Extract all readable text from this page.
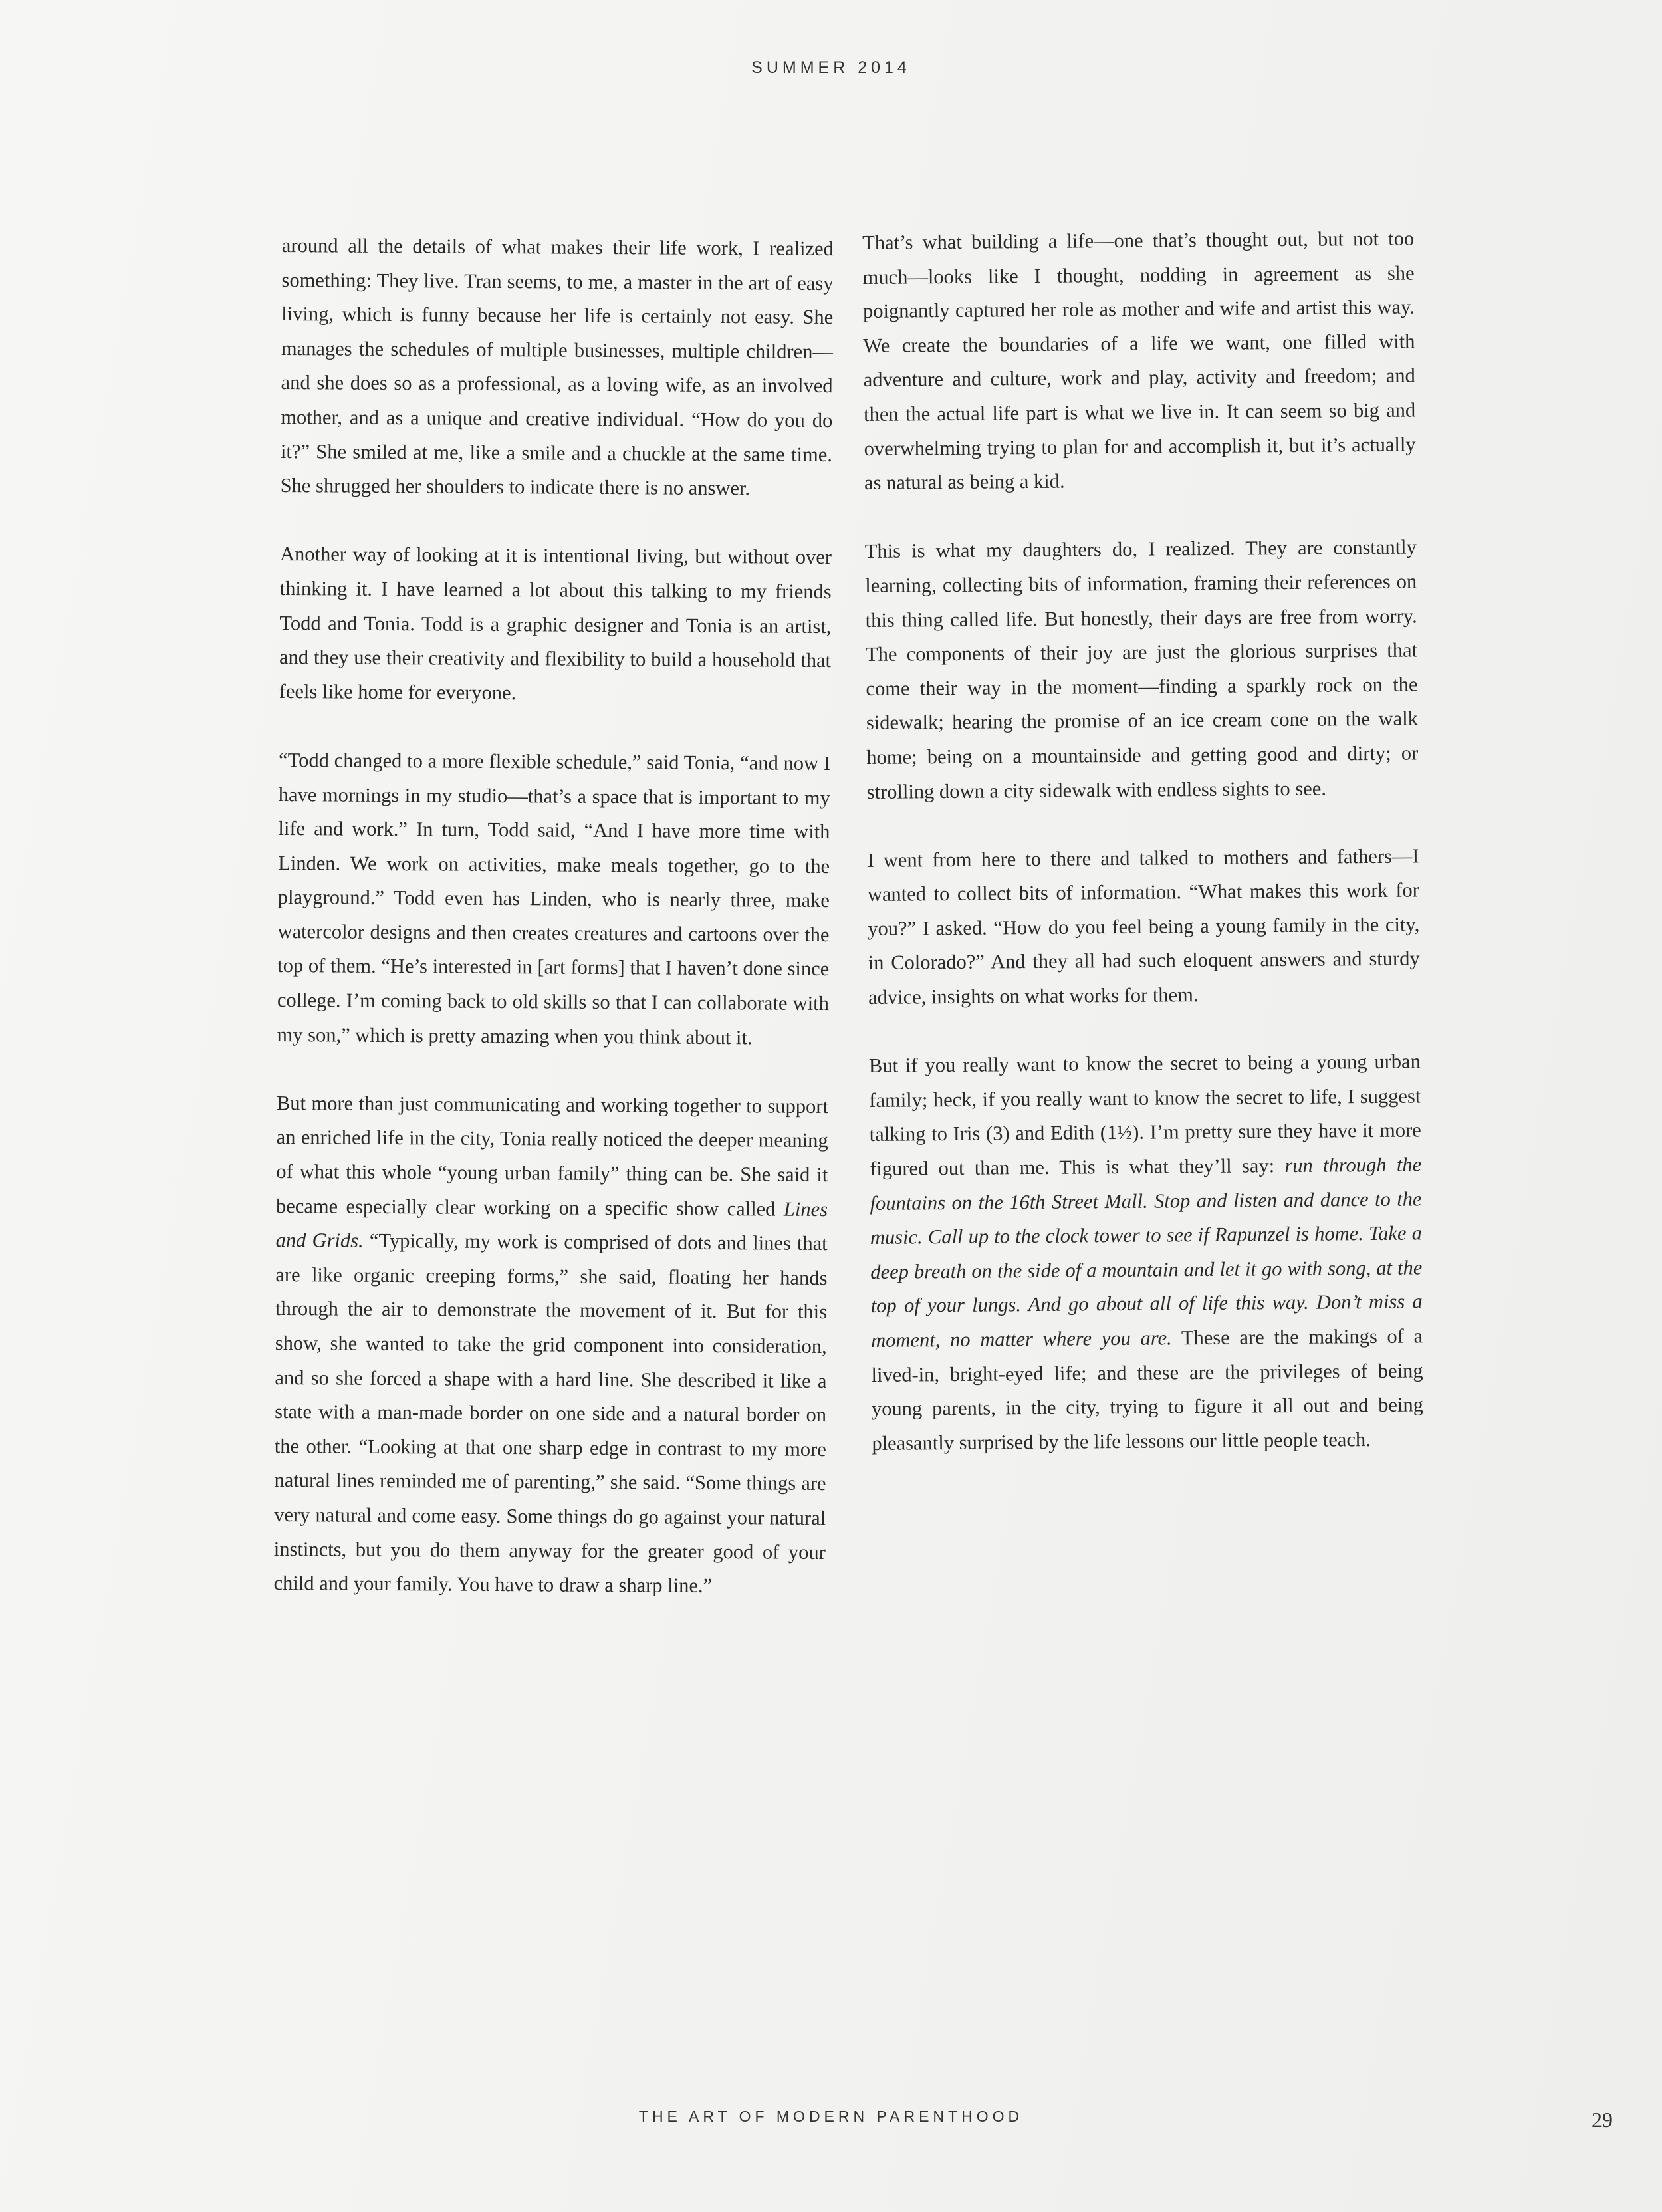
SUMMER 2014

around all the details of what makes their life work, I realized something: They live. Tran seems, to me, a master in the art of easy living, which is funny because her life is certainly not easy. She manages the schedules of multiple businesses, multiple children—and she does so as a professional, as a loving wife, as an involved mother, and as a unique and creative individual. “How do you do it?” She smiled at me, like a smile and a chuckle at the same time. She shrugged her shoulders to indicate there is no answer.

Another way of looking at it is intentional living, but without over thinking it. I have learned a lot about this talking to my friends Todd and Tonia. Todd is a graphic designer and Tonia is an artist, and they use their creativity and flexibility to build a household that feels like home for everyone.

“Todd changed to a more flexible schedule,” said Tonia, “and now I have mornings in my studio—that’s a space that is important to my life and work.” In turn, Todd said, “And I have more time with Linden. We work on activities, make meals together, go to the playground.” Todd even has Linden, who is nearly three, make watercolor designs and then creates creatures and cartoons over the top of them. “He’s interested in [art forms] that I haven’t done since college. I’m coming back to old skills so that I can collaborate with my son,” which is pretty amazing when you think about it.

But more than just communicating and working together to support an enriched life in the city, Tonia really noticed the deeper meaning of what this whole “young urban family” thing can be. She said it became especially clear working on a specific show called Lines and Grids. “Typically, my work is comprised of dots and lines that are like organic creeping forms,” she said, floating her hands through the air to demonstrate the movement of it. But for this show, she wanted to take the grid component into consideration, and so she forced a shape with a hard line. She described it like a state with a man-made border on one side and a natural border on the other. “Looking at that one sharp edge in contrast to my more natural lines reminded me of parenting,” she said. “Some things are very natural and come easy. Some things do go against your natural instincts, but you do them anyway for the greater good of your child and your family. You have to draw a sharp line.”

That’s what building a life—one that’s thought out, but not too much—looks like I thought, nodding in agreement as she poignantly captured her role as mother and wife and artist this way. We create the boundaries of a life we want, one filled with adventure and culture, work and play, activity and freedom; and then the actual life part is what we live in. It can seem so big and overwhelming trying to plan for and accomplish it, but it’s actually as natural as being a kid.

This is what my daughters do, I realized. They are constantly learning, collecting bits of information, framing their references on this thing called life. But honestly, their days are free from worry. The components of their joy are just the glorious surprises that come their way in the moment—finding a sparkly rock on the sidewalk; hearing the promise of an ice cream cone on the walk home; being on a mountainside and getting good and dirty; or strolling down a city sidewalk with endless sights to see.

I went from here to there and talked to mothers and fathers—I wanted to collect bits of information. “What makes this work for you?” I asked. “How do you feel being a young family in the city, in Colorado?” And they all had such eloquent answers and sturdy advice, insights on what works for them.

But if you really want to know the secret to being a young urban family; heck, if you really want to know the secret to life, I suggest talking to Iris (3) and Edith (1½). I’m pretty sure they have it more figured out than me. This is what they’ll say: run through the fountains on the 16th Street Mall. Stop and listen and dance to the music. Call up to the clock tower to see if Rapunzel is home. Take a deep breath on the side of a mountain and let it go with song, at the top of your lungs. And go about all of life this way. Don’t miss a moment, no matter where you are. These are the makings of a lived-in, bright-eyed life; and these are the privileges of being young parents, in the city, trying to figure it all out and being pleasantly surprised by the life lessons our little people teach.

THE ART OF MODERN PARENTHOOD	29
